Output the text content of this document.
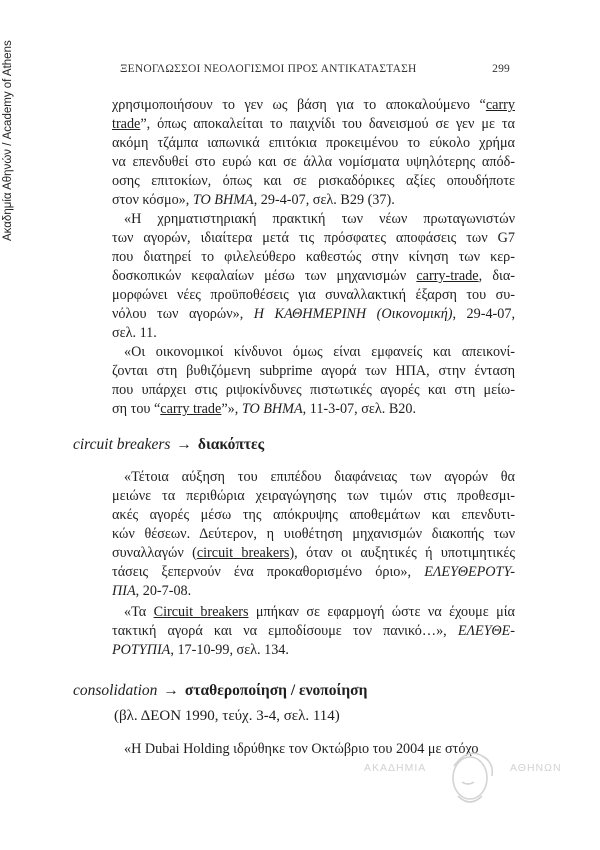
Ακαδημία Αθηνών / Academy of Athens	ΞΕΝΟΓΛΩΣΣΟΙ ΝΕΟΛΟΓΙΣΜΟΙ ΠΡΟΣ ΑΝΤΙΚΑΤΑΣΤΑΣΗ	299
χρησιμοποιήσουν το γεν ως βάση για το αποκαλούμενο “carry
trade”, όπως αποκαλείται το παιχνίδι του δανεισμού σε γεν με τα
ακόμη τζάμπα ιαπωνικά επιτόκια προκειμένου το εύκολο χρήμα
να επενδυθεί στο ευρώ και σε άλλα νομίσματα υψηλότερης απόδ-
οσης επιτοκίων, όπως και σε ρισκαδόρικες αξίες οπουδήποτε
στον κόσμο», ΤΟ ΒΗΜΑ, 29-4-07, σελ. Β29 (37).
«Η χρηματιστηριακή πρακτική των νέων πρωταγωνιστών
των αγορών, ιδιαίτερα μετά τις πρόσφατες αποφάσεις των G7
που διατηρεί το φιλελεύθερο καθεστώς στην κίνηση των κερ-
δοσκοπικών κεφαλαίων μέσω των μηχανισμών carry-trade, δια-
μορφώνει νέες προϋποθέσεις για συναλλακτική έξαρση του συ-
νόλου των αγορών», Η ΚΑΘΗΜΕΡΙΝΗ (Οικονομική), 29-4-07,
σελ. 11.
«Οι οικονομικοί κίνδυνοι όμως είναι εμφανείς και απεικονί-
ζονται στη βυθιζόμενη subprime αγορά των ΗΠΑ, στην ένταση
που υπάρχει στις ριψοκίνδυνες πιστωτικές αγορές και στη μείω-
ση του “carry trade”», ΤΟ ΒΗΜΑ, 11-3-07, σελ. Β20.
circuit breakers → διακόπτες
«Τέτοια αύξηση του επιπέδου διαφάνειας των αγορών θα
μειώνε τα περιθώρια χειραγώγησης των τιμών στις προθεσμι-
ακές αγορές μέσω της απόκρυψης αποθεμάτων και επενδυτι-
κών θέσεων. Δεύτερον, η υιοθέτηση μηχανισμών διακοπής των
συναλλαγών (circuit breakers), όταν οι αυξητικές ή υποτιμητικές
τάσεις ξεπερνούν ένα προκαθορισμένο όριο», ΕΛΕΥΘΕΡΟΤΥ-
ΠΙΑ, 20-7-08.
«Τα Circuit breakers μπήκαν σε εφαρμογή ώστε να έχουμε μία
τακτική αγορά και να εμποδίσουμε τον πανικό…», ΕΛΕΥΘΕ-
ΡΟΤΥΠΙΑ, 17-10-99, σελ. 134.
consolidation → σταθεροποίηση / ενοποίηση
(βλ. ΔΕΟΝ 1990, τεύχ. 3-4, σελ. 114)
«Η Dubai Holding ιδρύθηκε τον Οκτώβριο του 2004 με στόχο
ΑΚΑΔΗΜΙΑ	ΑΘΗΝΩΝ
